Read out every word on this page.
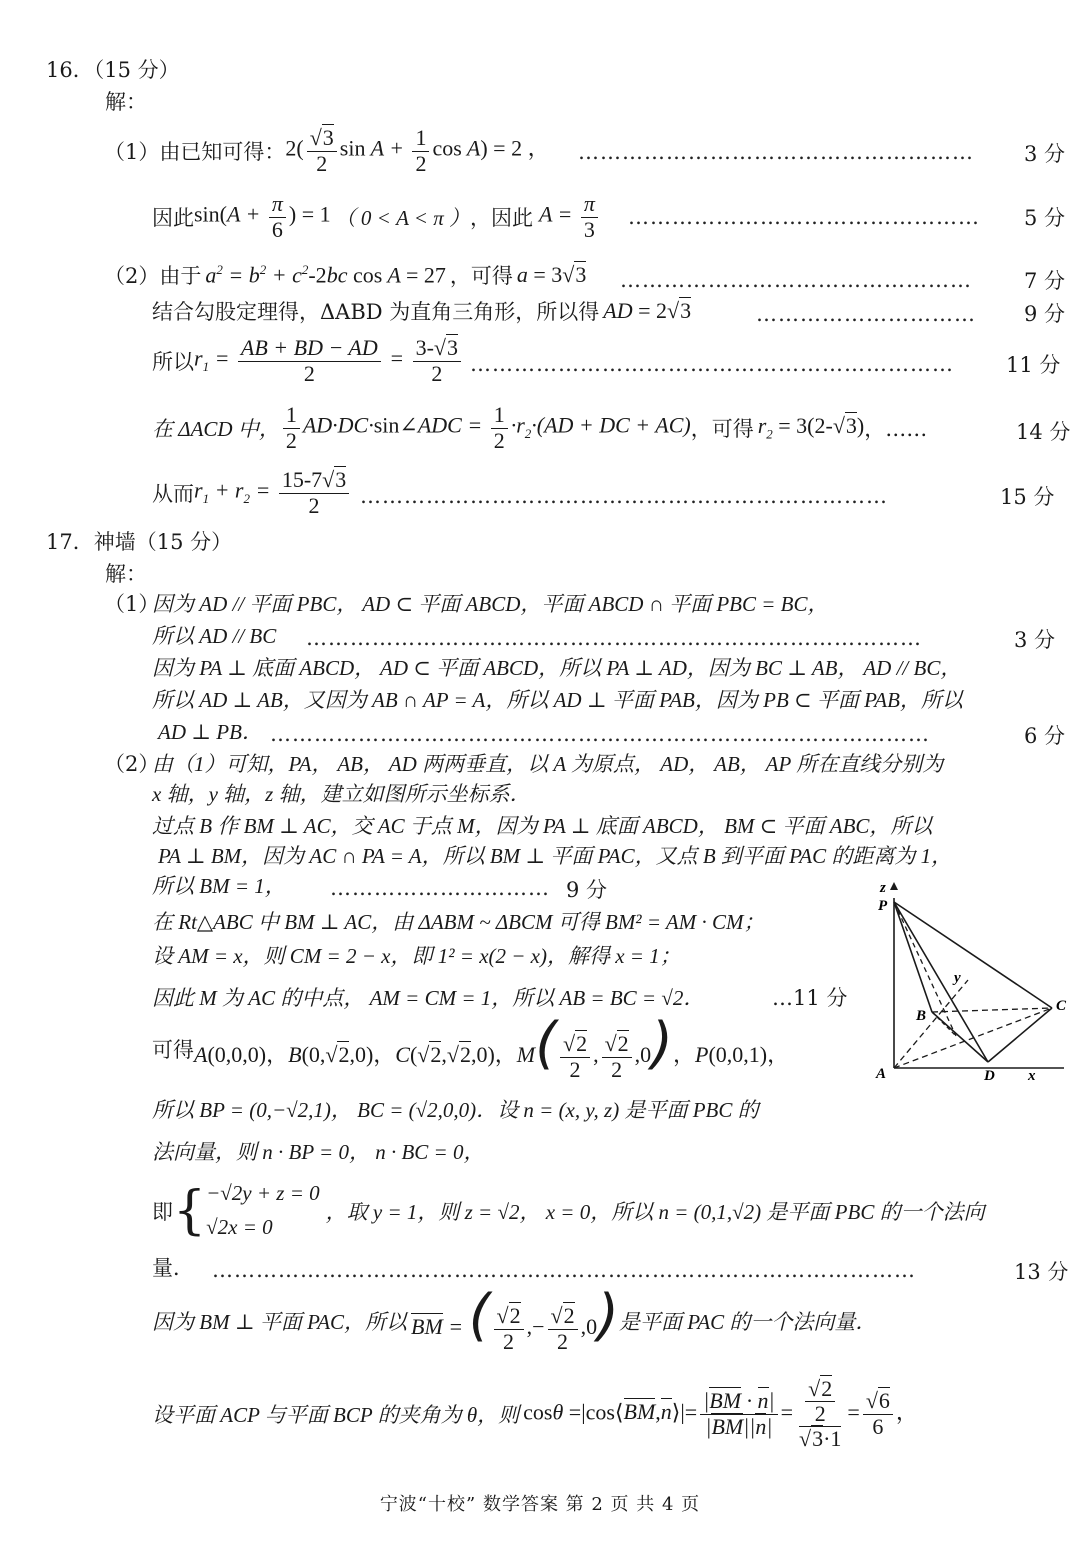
16．（15 分）
解：
（1） 由已知可得： $2( \frac{√3}{2}$ $\sin A + \frac{1}{2}$ cos A) = 2 ， ……………………………………………… 3 分
因此 $\sin(A + \frac{\pi}{6}$ ) = 1 （ 0 < A < π ） ，因此 $A = \frac{\pi}{3}$ ………………………………………… 5 分
（2） 由于 $a^2 = b^2 + c^2-2bc$ cos A = 27 ，可得 a = 3√3 ………………………………………… 7 分
结合勾股定理得，ΔABD 为直角三角形，所以得 AD = 2√3	………………………… 9 分
所以 $r_1 = \frac{AB + BD - AD}{2} = \frac{3-√3}{2}$ ………………………………………………………… 11 分
在 ΔACD 中， $\frac{1}{2}$ AD·DC·sin∠ADC = $\frac{1}{2} \cdot r_2\cdot(AD$ + DC + AC) ，可得 $r_2 = 3(2-√3)$ ，……	14 分
从而 $r_1 + r_2 = \frac{15-7√3}{2}$ ………………………………………………………………	15 分
17．神墙（15 分）
解：
（1）
因为 AD // 平面 PBC， AD ⊂ 平面 ABCD，平面 ABCD ∩ 平面 PBC = BC，
所以 AD // BC …………………………………………………………………………	3 分
因为 PA ⊥ 底面 ABCD， AD ⊂ 平面 ABCD，所以 PA ⊥ AD，因为 BC ⊥ AB， AD // BC，
所以 AD ⊥ AB，又因为 AB ∩ AP = A，所以 AD ⊥ 平面 PAB，因为 PB ⊂ 平面 PAB，所以
AD ⊥ PB． ………………………………………………………………………………	6 分
（2）
由（1）可知，PA， AB， AD 两两垂直，以 A 为原点， AD， AB， AP 所在直线分别为
x 轴，y 轴，z 轴，建立如图所示坐标系．
过点 B 作 BM ⊥ AC，交 AC 于点 M，因为 PA ⊥ 底面 ABCD， BM ⊂ 平面 ABC，所以
PA ⊥ BM，因为 AC ∩ PA = A，所以 BM ⊥ 平面 PAC，又点 B 到平面 PAC 的距离为 1，
所以 BM = 1， ………………………… 9 分
在 Rt△ABC 中 BM ⊥ AC，由 ΔABM ~ ΔBCM 可得 BM² = AM · CM；
设 AM = x，则 CM = 2 − x，即 1² = x(2 − x)，解得 x = 1；
因此 M 为 AC 的中点， AM = CM = 1，所以 AB = BC = √2．	…11 分
可得 A(0,0,0)，B(0,√2,0)，C(√2,√2,0)，$M( \frac{√2}{2}$ , $\frac{√2}{2} ,0$)，P(0,0,1)，
所以 BP = (0,−√2,1)， BC = (√2,0,0)．设 n = (x, y, z) 是平面 PBC 的
法向量，则 n · BP = 0， n · BC = 0，
即 { −√2y + z = 0
√2x = 0
，取 y = 1，则 z = √2， x = 0，所以 n = (0,1,√2) 是平面 PBC 的一个法向
量． ……………………………………………………………………………………	13 分
因为 BM ⊥ 平面 PAC，所以 BM = ( $\frac{√2}{2}$ ,− $\frac{√2}{2} ,0$) 是平面 PAC 的一个法向量．
设平面 ACP 与平面 BCP 的夹角为 θ，则 cosθ =|cos⟨BM,n⟩|= $\frac{|BM \cdot n|}{|BM||n|} = \frac{\frac{√2}{2}}{√3\cdot 1} = \frac{√6}{6}$ ，
z
P
y
B
C
A	D x
宁波“十校” 数学答案 第 2 页 共 4 页
